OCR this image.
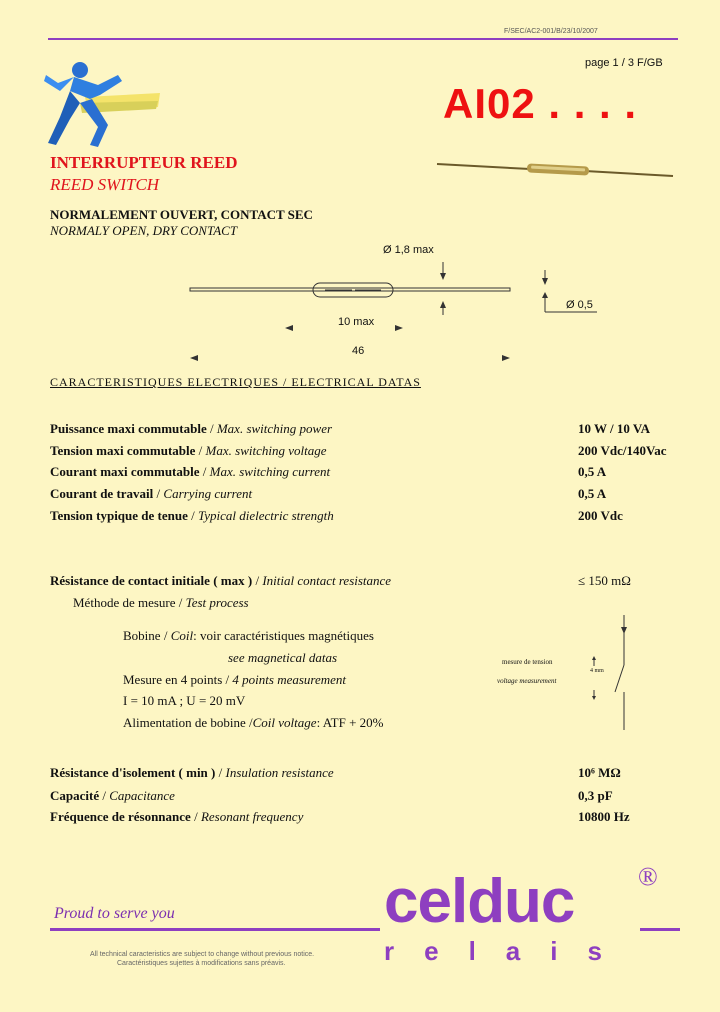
F/SEC/AC2-001/B/23/10/2007
page 1 / 3 F/GB
AI02 . . . .
INTERRUPTEUR REED
REED SWITCH
NORMALEMENT OUVERT, CONTACT SEC
NORMALY OPEN, DRY CONTACT
Ø 1,8 max
Ø 0,5
10 max
46
CARACTERISTIQUES ELECTRIQUES / ELECTRICAL DATAS
Puissance maxi commutable / Max. switching power	10 W / 10 VA
Tension maxi commutable / Max. switching voltage	200 Vdc/140Vac
Courant maxi commutable / Max. switching current	0,5 A
Courant de travail / Carrying current	0,5 A
Tension typique de tenue / Typical dielectric strength	200 Vdc
Résistance de contact initiale ( max ) / Initial contact resistance	≤ 150 mΩ
Méthode de mesure / Test process
Bobine / Coil: voir caractéristiques magnétiques
see magnetical datas
Mesure en 4 points / 4 points measurement
I = 10 mA ; U = 20 mV
Alimentation de bobine /Coil voltage: ATF + 20%
mesure de tension
voltage measurement
4 mm
Résistance d'isolement ( min ) / Insulation resistance	10⁶ MΩ
Capacité / Capacitance	0,3 pF
Fréquence de résonnance / Resonant frequency	10800 Hz
Proud to serve you	celduc ®
relais
All technical caracteristics are subject to change without previous notice.
Caractéristiques sujettes à modifications sans préavis.
